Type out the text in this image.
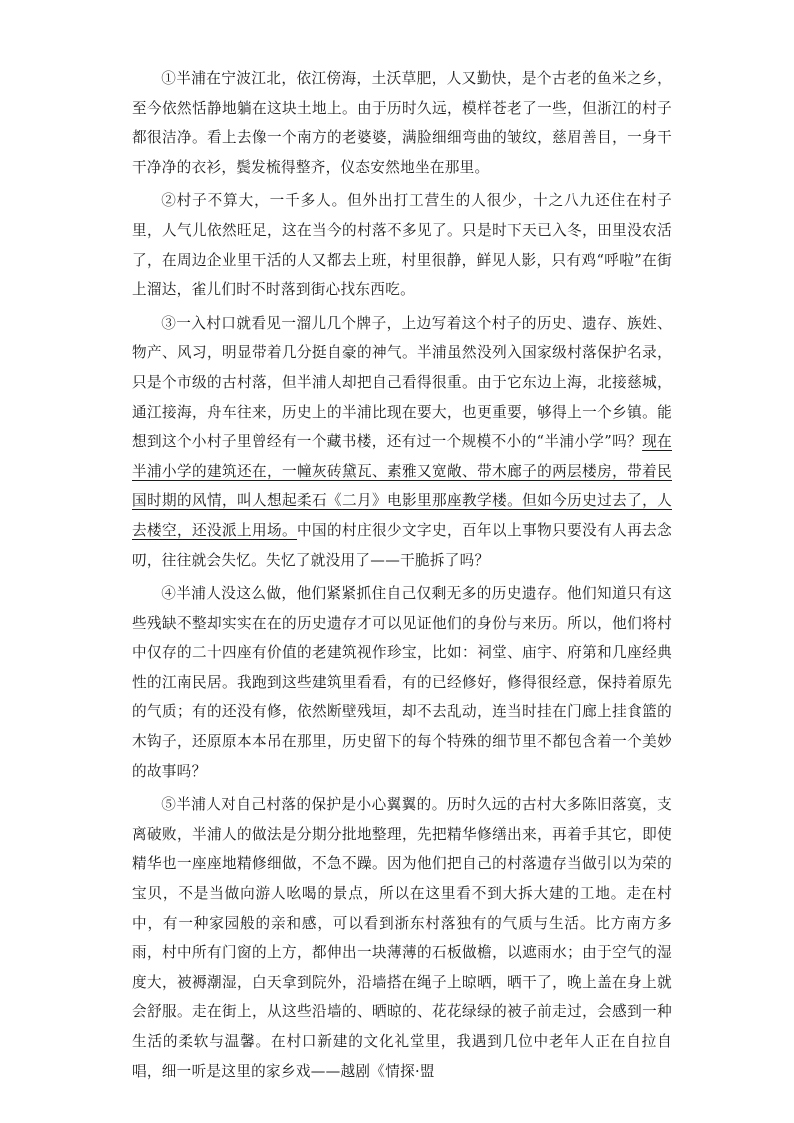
①半浦在宁波江北，依江傍海，土沃草肥，人又勤快，是个古老的鱼米之乡，至今依然恬静地躺在这块土地上。由于历时久远，模样苍老了一些，但浙江的村子都很洁净。看上去像一个南方的老婆婆，满脸细细弯曲的皱纹，慈眉善目，一身干干净净的衣衫，鬓发梳得整齐，仪态安然地坐在那里。

②村子不算大，一千多人。但外出打工营生的人很少，十之八九还住在村子里，人气儿依然旺足，这在当今的村落不多见了。只是时下天已入冬，田里没农活了，在周边企业里干活的人又都去上班，村里很静，鲜见人影，只有鸡“呼啦”在街上溜达，雀儿们时不时落到街心找东西吃。

③一入村口就看见一溜儿几个牌子，上边写着这个村子的历史、遗存、族姓、物产、风习，明显带着几分挺自豪的神气。半浦虽然没列入国家级村落保护名录，只是个市级的古村落，但半浦人却把自己看得很重。由于它东边上海，北接慈城，通江接海，舟车往来，历史上的半浦比现在要大，也更重要，够得上一个乡镇。能想到这个小村子里曾经有一个藏书楼，还有过一个规模不小的“半浦小学”吗？现在半浦小学的建筑还在，一幢灰砖黛瓦、素雅又宽敞、带木廊子的两层楼房，带着民国时期的风情，叫人想起柔石《二月》电影里那座教学楼。但如今历史过去了，人去楼空，还没派上用场。中国的村庄很少文字史，百年以上事物只要没有人再去念叨，往往就会失忆。失忆了就没用了——干脆拆了吗？

④半浦人没这么做，他们紧紧抓住自己仅剩无多的历史遗存。他们知道只有这些残缺不整却实实在在的历史遗存才可以见证他们的身份与来历。所以，他们将村中仅存的二十四座有价值的老建筑视作珍宝，比如：祠堂、庙宇、府第和几座经典性的江南民居。我跑到这些建筑里看看，有的已经修好，修得很经意，保持着原先的气质；有的还没有修，依然断壁残垣，却不去乱动，连当时挂在门廊上挂食篮的木钩子，还原原本本吊在那里，历史留下的每个特殊的细节里不都包含着一个美妙的故事吗？

⑤半浦人对自己村落的保护是小心翼翼的。历时久远的古村大多陈旧落寞，支离破败，半浦人的做法是分期分批地整理，先把精华修缮出来，再着手其它，即使精华也一座座地精修细做，不急不躁。因为他们把自己的村落遗存当做引以为荣的宝贝，不是当做向游人吆喝的景点，所以在这里看不到大拆大建的工地。走在村中，有一种家园般的亲和感，可以看到浙东村落独有的气质与生活。比方南方多雨，村中所有门窗的上方，都伸出一块薄薄的石板做檐，以遮雨水；由于空气的湿度大，被褥潮湿，白天拿到院外，沿墙搭在绳子上晾晒，晒干了，晚上盖在身上就会舒服。走在街上，从这些沿墙的、晒晾的、花花绿绿的被子前走过，会感到一种生活的柔软与温馨。在村口新建的文化礼堂里，我遇到几位中老年人正在自拉自唱，细一听是这里的家乡戏——越剧《情探·盟
